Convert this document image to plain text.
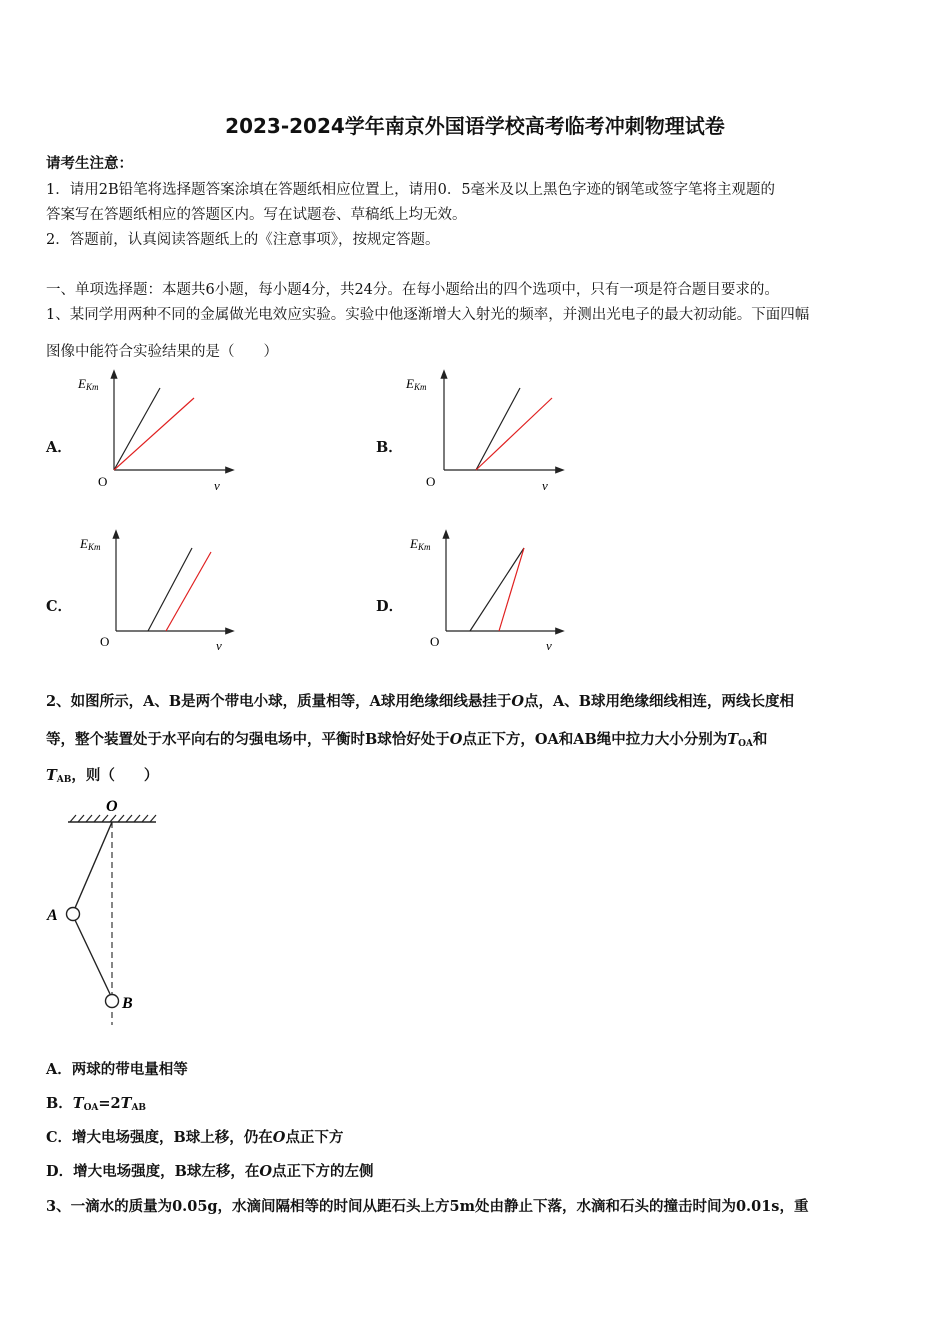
2023-2024学年南京外国语学校高考临考冲刺物理试卷
请考生注意：
1．请用2B铅笔将选择题答案涂填在答题纸相应位置上，请用0．5毫米及以上黑色字迹的钢笔或签字笔将主观题的
答案写在答题纸相应的答题区内。写在试题卷、草稿纸上均无效。
2．答题前，认真阅读答题纸上的《注意事项》，按规定答题。
一、单项选择题：本题共6小题，每小题4分，共24分。在每小题给出的四个选项中，只有一项是符合题目要求的。
1、某同学用两种不同的金属做光电效应实验。实验中他逐渐增大入射光的频率，并测出光电子的最大初动能。下面四幅
图像中能符合实验结果的是（　　）
A．	B．
C．	D．
EKm
O	ν
EKm
O	ν
EKm
O	ν
EKm
O	ν
2、如图所示，A、B是两个带电小球，质量相等，A球用绝缘细线悬挂于O点，A、B球用绝缘细线相连，两线长度相
等，整个装置处于水平向右的匀强电场中，平衡时B球恰好处于O点正下方，OA和AB绳中拉力大小分别为$T_{OA}$和
$T_{AB}$，则（　　）
O
A
B
A．两球的带电量相等
B．$T_{OA}=2T_{AB}$
C．增大电场强度，B球上移，仍在O点正下方
D．增大电场强度，B球左移，在O点正下方的左侧
3、一滴水的质量为0.05g，水滴间隔相等的时间从距石头上方5m处由静止下落，水滴和石头的撞击时间为0.01s，重
